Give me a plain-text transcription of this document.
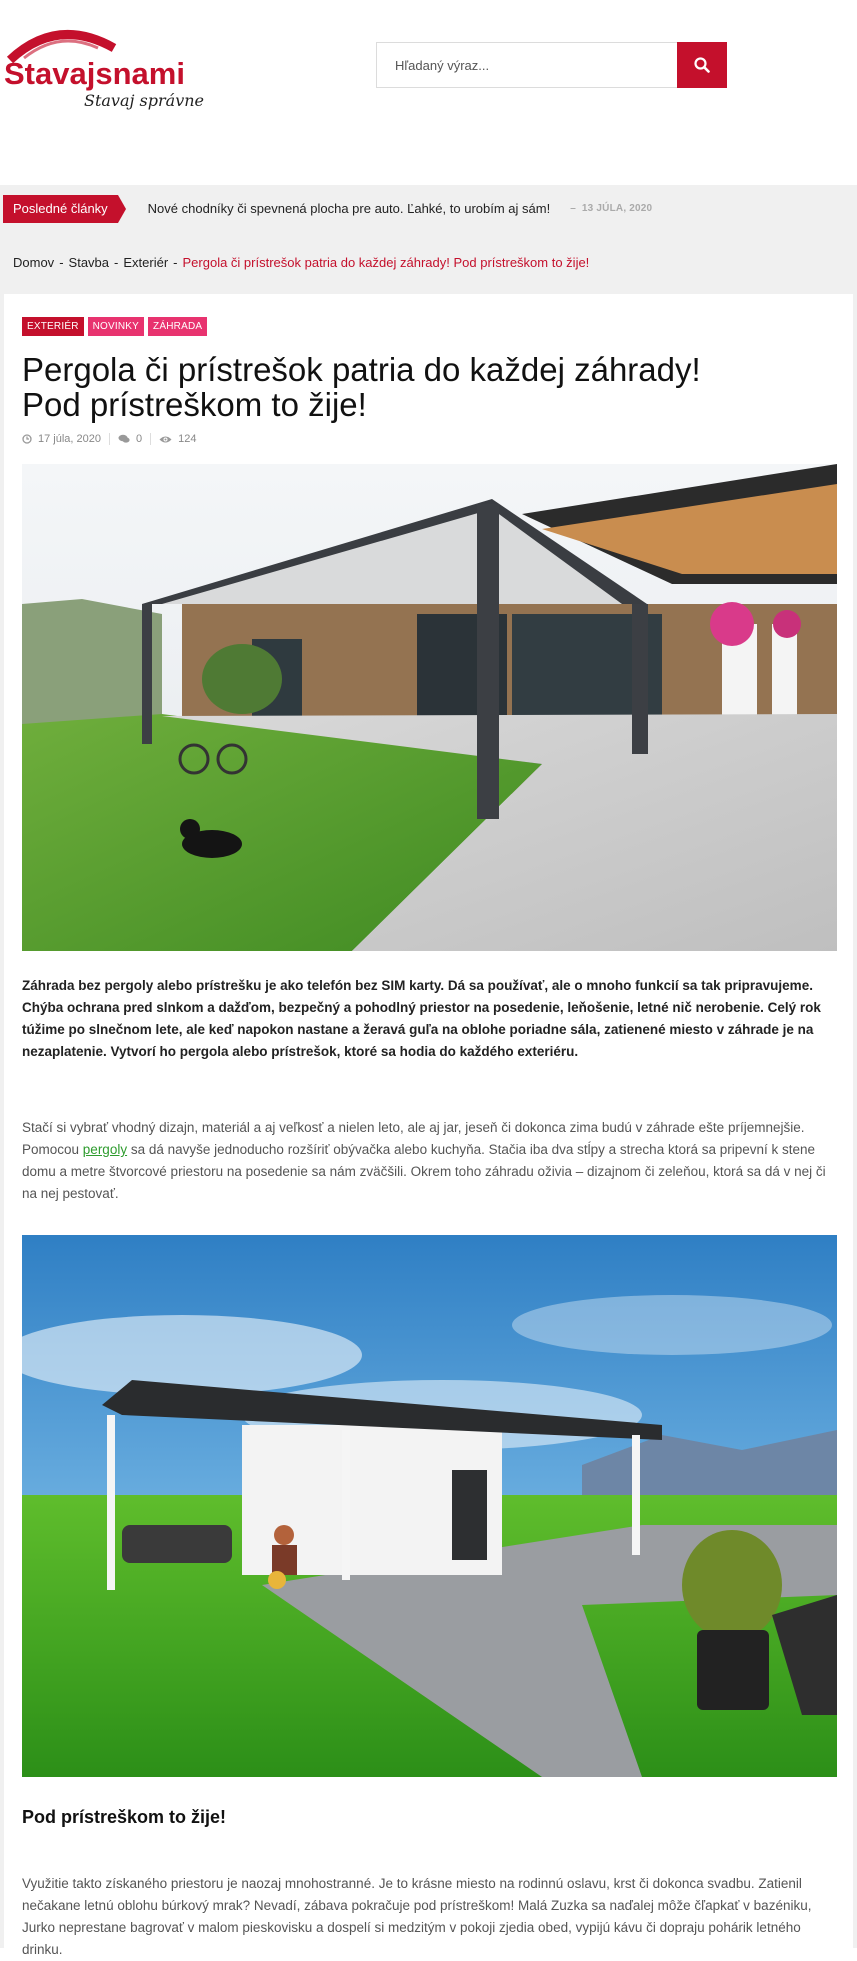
Stavajsnami
Stavaj správne
Hľadaný výraz...
Posledné články	Nové chodníky či spevnená plocha pre auto. Ľahké, to urobím aj sám! –  13 JÚLA, 2020
Domov - Stavba - Exteriér - Pergola či prístrešok patria do každej záhrady! Pod prístreškom to žije!
EXTERIÉR	NOVINKY	ZÁHRADA
Pergola či prístrešok patria do každej záhrady!
Pod prístreškom to žije!
17 júla, 2020	0	124

Záhrada bez pergoly alebo prístrešku je ako telefón bez SIM karty. Dá sa používať, ale o mnoho funkcií sa tak pripravujeme. Chýba ochrana pred slnkom a dažďom, bezpečný a pohodlný priestor na posedenie, leňošenie, letné nič nerobenie. Celý rok túžime po slnečnom lete, ale keď napokon nastane a žeravá guľa na oblohe poriadne sála, zatienené miesto v záhrade je na nezaplatenie. Vytvorí ho pergola alebo prístrešok, ktoré sa hodia do každého exteriéru.

Stačí si vybrať vhodný dizajn, materiál a aj veľkosť a nielen leto, ale aj jar, jeseň či dokonca zima budú v záhrade ešte príjemnejšie. Pomocou pergoly sa dá navyše jednoducho rozšíriť obývačka alebo kuchyňa. Stačia iba dva stĺpy a strecha ktorá sa pripevní k stene domu a metre štvorcové priestoru na posedenie sa nám zväčšili. Okrem toho záhradu oživia – dizajnom či zeleňou, ktorá sa dá v nej či na nej pestovať.

Pod prístreškom to žije!

Využitie takto získaného priestoru je naozaj mnohostranné. Je to krásne miesto na rodinnú oslavu, krst či dokonca svadbu. Zatienil nečakane letnú oblohu búrkový mrak? Nevadí, zábava pokračuje pod prístreškom! Malá Zuzka sa naďalej môže čľapkať v bazéniku, Jurko neprestane bagrovať v malom pieskovisku a dospelí si medzitým v pokoji zjedia obed, vypijú kávu či dopraju pohárik letného drinku.
